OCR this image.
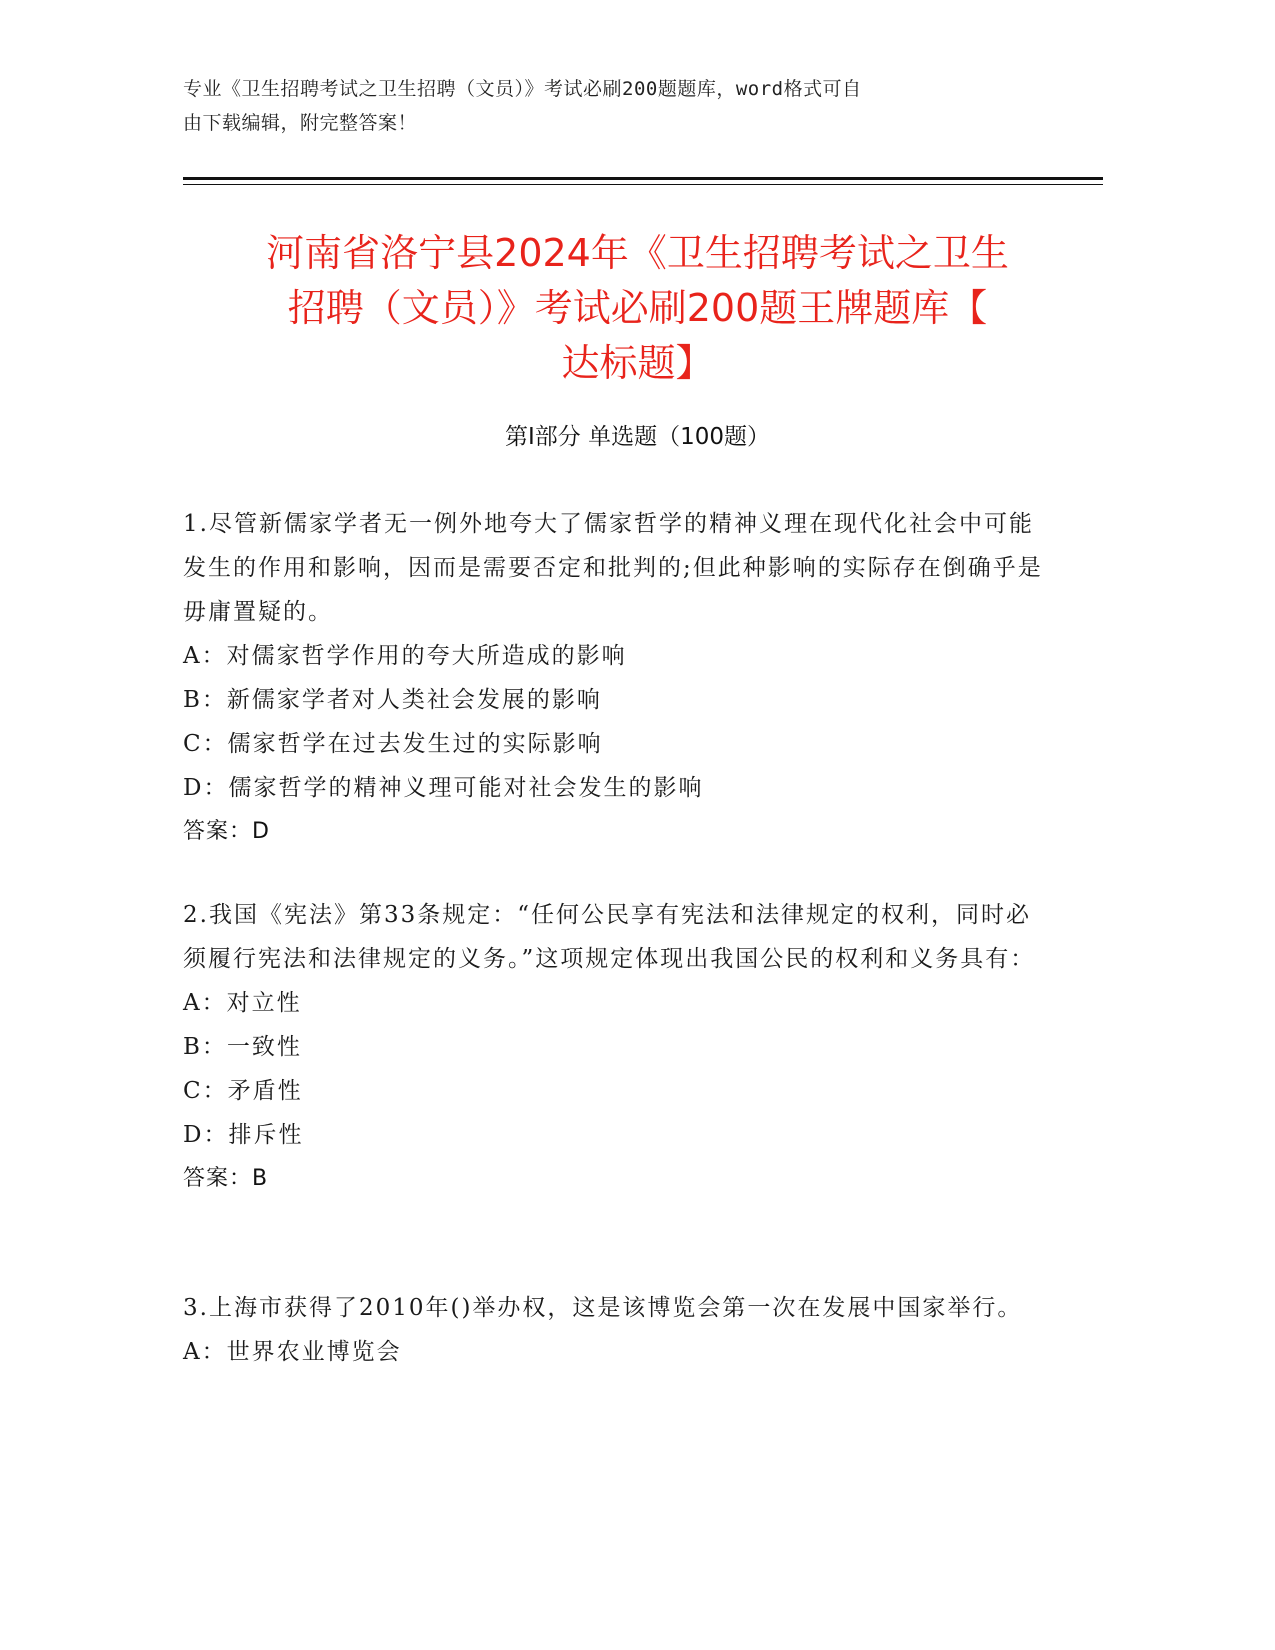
专业《卫生招聘考试之卫生招聘（文员）》考试必刷200题题库，word格式可自
由下载编辑，附完整答案！
河南省洛宁县2024年《卫生招聘考试之卫生
招聘（文员）》考试必刷200题王牌题库【
达标题】
第Ⅰ部分 单选题（100题）
1.尽管新儒家学者无一例外地夸大了儒家哲学的精神义理在现代化社会中可能发生的作用和影响，因而是需要否定和批判的;但此种影响的实际存在倒确乎是毋庸置疑的。
A：对儒家哲学作用的夸大所造成的影响
B：新儒家学者对人类社会发展的影响
C：儒家哲学在过去发生过的实际影响
D：儒家哲学的精神义理可能对社会发生的影响
答案：D
2.我国《宪法》第33条规定：“任何公民享有宪法和法律规定的权利，同时必须履行宪法和法律规定的义务。”这项规定体现出我国公民的权利和义务具有：
A：对立性
B：一致性
C：矛盾性
D：排斥性
答案：B
3.上海市获得了2010年()举办权，这是该博览会第一次在发展中国家举行。
A：世界农业博览会
